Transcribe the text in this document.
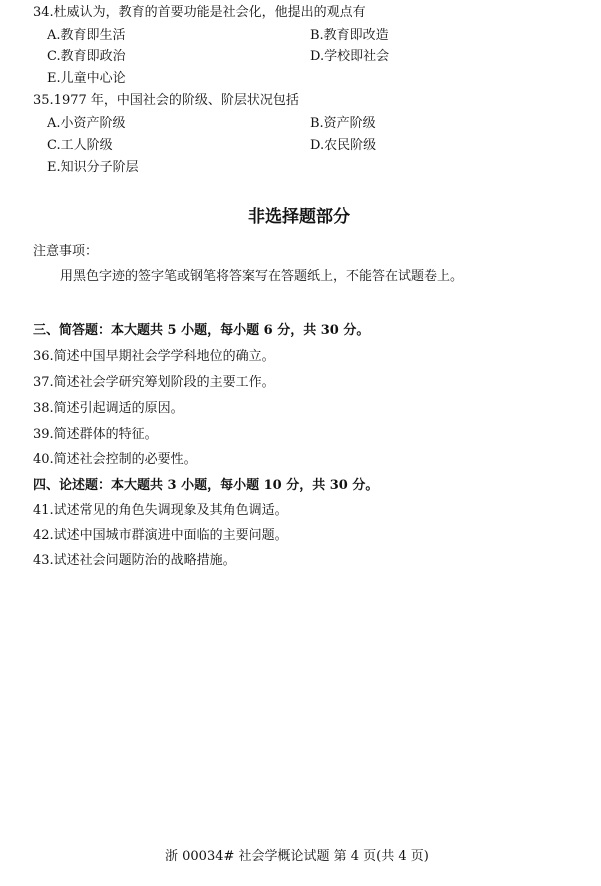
34.杜威认为，教育的首要功能是社会化，他提出的观点有
A.教育即生活	B.教育即改造
C.教育即政治	D.学校即社会
E.儿童中心论
35.1977 年，中国社会的阶级、阶层状况包括
A.小资产阶级	B.资产阶级
C.工人阶级	D.农民阶级
E.知识分子阶层
非选择题部分
注意事项：
用黑色字迹的签字笔或钢笔将答案写在答题纸上，不能答在试题卷上。
三、简答题：本大题共 5 小题，每小题 6 分，共 30 分。
36.简述中国早期社会学学科地位的确立。
37.简述社会学研究筹划阶段的主要工作。
38.简述引起调适的原因。
39.简述群体的特征。
40.简述社会控制的必要性。
四、论述题：本大题共 3 小题，每小题 10 分，共 30 分。
41.试述常见的角色失调现象及其角色调适。
42.试述中国城市群演进中面临的主要问题。
43.试述社会问题防治的战略措施。
浙 00034# 社会学概论试题 第 4 页(共 4 页)
